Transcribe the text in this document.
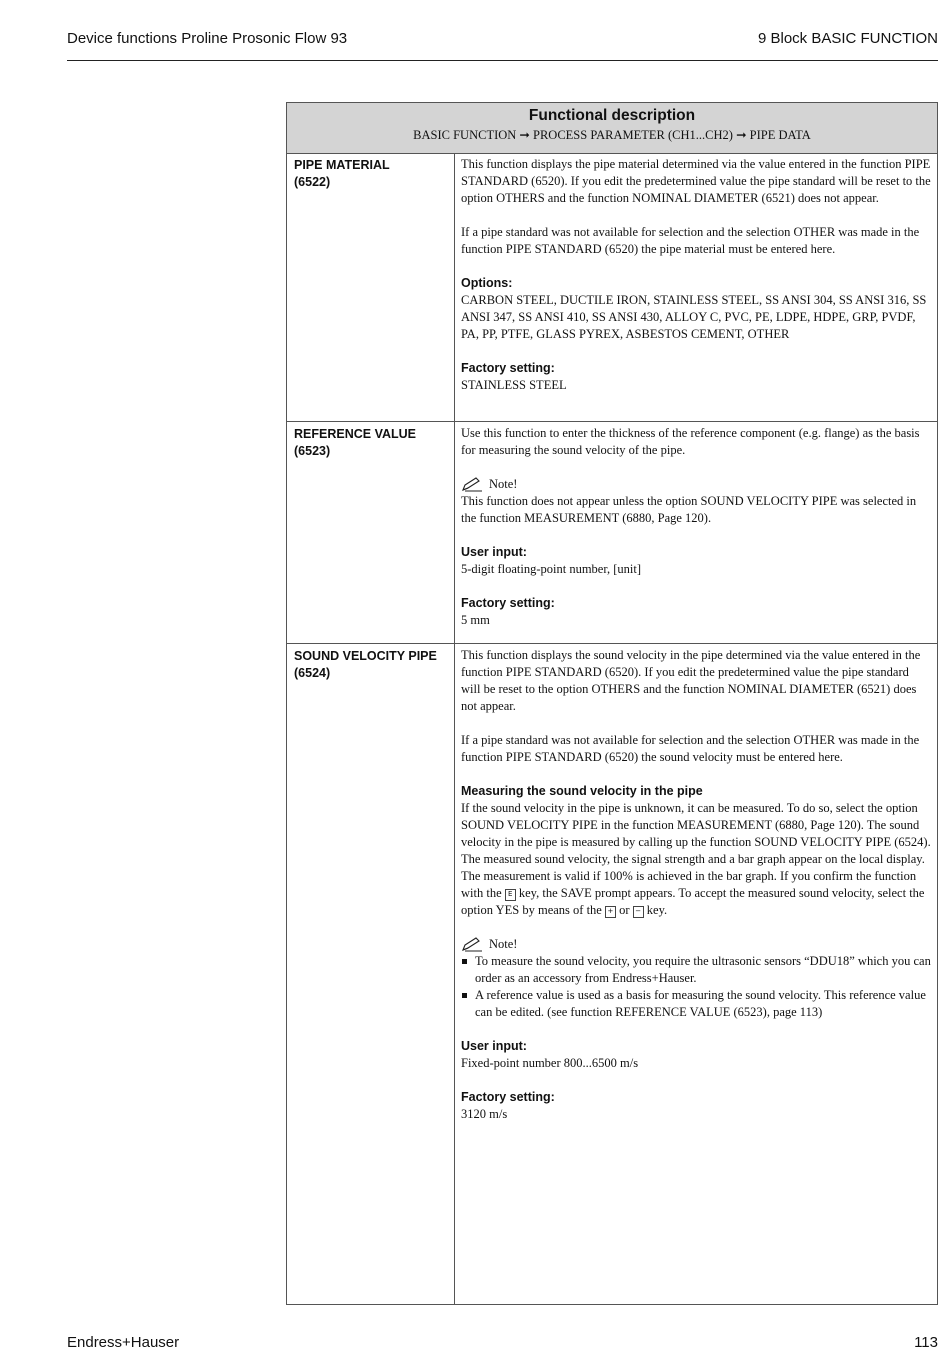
Device functions Proline Prosonic Flow 93	9 Block BASIC FUNCTION
Functional description
BASIC FUNCTION ➞ PROCESS PARAMETER (CH1...CH2) ➞ PIPE DATA
PIPE MATERIAL
(6522)

This function displays the pipe material determined via the value entered in the function PIPE STANDARD (6520). If you edit the predetermined value the pipe standard will be reset to the option OTHERS and the function NOMINAL DIAMETER (6521) does not appear.

If a pipe standard was not available for selection and the selection OTHER was made in the function PIPE STANDARD (6520) the pipe material must be entered here.

Options:

CARBON STEEL, DUCTILE IRON, STAINLESS STEEL, SS ANSI 304, SS ANSI 316, SS ANSI 347, SS ANSI 410, SS ANSI 430, ALLOY C, PVC, PE, LDPE, HDPE, GRP, PVDF, PA, PP, PTFE, GLASS PYREX, ASBESTOS CEMENT, OTHER

Factory setting:
STAINLESS STEEL
REFERENCE VALUE
(6523)

Use this function to enter the thickness of the reference component (e.g. flange) as the basis for measuring the sound velocity of the pipe.

Note!

This function does not appear unless the option SOUND VELOCITY PIPE was selected in the function MEASUREMENT (6880, Page 120).

User input:

5-digit floating-point number, [unit]

Factory setting:
5 mm
SOUND VELOCITY PIPE
(6524)

This function displays the sound velocity in the pipe determined via the value entered in the function PIPE STANDARD (6520). If you edit the predetermined value the pipe standard will be reset to the option OTHERS and the function NOMINAL DIAMETER (6521) does not appear.

If a pipe standard was not available for selection and the selection OTHER was made in the function PIPE STANDARD (6520) the sound velocity must be entered here.

Measuring the sound velocity in the pipe

If the sound velocity in the pipe is unknown, it can be measured. To do so, select the option SOUND VELOCITY PIPE in the function MEASUREMENT (6880, Page 120). The sound velocity in the pipe is measured by calling up the function SOUND VELOCITY PIPE (6524). The measured sound velocity, the signal strength and a bar graph appear on the local display. The measurement is valid if 100% is achieved in the bar graph. If you confirm the function with the E key, the SAVE prompt appears. To accept the measured sound velocity, select the option YES by means of the + or − key.

Note!
To measure the sound velocity, you require the ultrasonic sensors “DDU18” which you can order as an accessory from Endress+Hauser.
A reference value is used as a basis for measuring the sound velocity. This reference value can be edited. (see function REFERENCE VALUE (6523), page 113)
User input:

Fixed-point number 800...6500 m/s

Factory setting:
3120 m/s
Endress+Hauser	113
